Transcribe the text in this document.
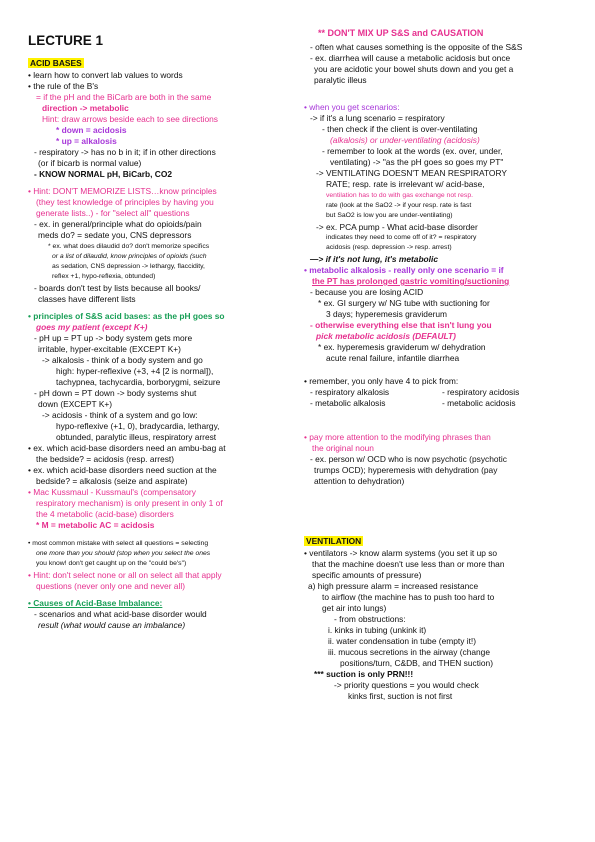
LECTURE 1
ACID BASES
• learn how to convert lab values to words
• the rule of the B's
= if the pH and the BiCarb are both in the same
direction -> metabolic
Hint: draw arrows beside each to see directions
* down = acidosis
* up = alkalosis
- respiratory -> has no b in it; if in other directions
(or if bicarb is normal value)
- KNOW NORMAL pH, BiCarb, CO2
• Hint: DON'T MEMORIZE LISTS…know principles
(they test knowledge of principles by having you
generate lists..) - for "select all" questions
- ex. in general/principle what do opioids/pain
meds do? = sedate you, CNS depressors
* ex. what does dilaudid do? don't memorize specifics
or a list of dilaudid, know principles of opioids (such
as sedation, CNS depression -> lethargy, flaccidity,
reflex +1, hypo-reflexia, obtunded)
- boards don't test by lists because all books/
classes have different lists
• principles of S&S acid bases: as the pH goes so
goes my patient (except K+)
- pH up = PT up -> body system gets more
irritable, hyper-excitable (EXCEPT K+)
-> alkalosis - think of a body system and go
high: hyper-reflexive (+3, +4 [2 is normal]),
tachypnea, tachycardia, borborygmi, seizure
- pH down = PT down -> body systems shut
down (EXCEPT K+)
-> acidosis - think of a system and go low:
hypo-reflexive (+1, 0), bradycardia, lethargy,
obtunded, paralytic illeus, respiratory arrest
• ex. which acid-base disorders need an ambu-bag at
the bedside? = acidosis (resp. arrest)
• ex. which acid-base disorders need suction at the
bedside? = alkalosis (seize and aspirate)
• Mac Kussmaul - Kussmaul's (compensatory
respiratory mechanism) is only present in only 1 of
the 4 metabolic (acid-base) disorders
* M = metabolic AC = acidosis
• most common mistake with select all questions = selecting
one more than you should (stop when you select the ones
you know! don't get caught up on the "could be's")
• Hint: don't select none or all on select all that apply
questions (never only one and never all)
• Causes of Acid-Base Imbalance:
- scenarios and what acid-base disorder would
result (what would cause an imbalance)
** DON'T MIX UP S&S and CAUSATION
- often what causes something is the opposite of the S&S
- ex. diarrhea will cause a metabolic acidosis but once
you are acidotic your bowel shuts down and you get a
paralytic illeus
• when you get scenarios:
-> if it's a lung scenario = respiratory
- then check if the client is over-ventilating
(alkalosis) or under-ventilating (acidosis)
- remember to look at the words (ex. over, under,
ventilating) -> "as the pH goes so goes my PT"
-> VENTILATING DOESN'T MEAN RESPIRATORY
RATE; resp. rate is irrelevant w/ acid-base,
ventilation has to do with gas exchange not resp.
rate (look at the SaO2 -> if your resp. rate is fast
but SaO2 is low you are under-ventilating)
-> ex. PCA pump - What acid-base disorder
indicates they need to come off of it? = respiratory
acidosis (resp. depression -> resp. arrest)
—> if it's not lung, it's metabolic
• metabolic alkalosis - really only one scenario = if
the PT has prolonged gastric vomiting/suctioning
- because you are losing ACID
* ex. GI surgery w/ NG tube with suctioning for
3 days; hyperemesis graviderum
- otherwise everything else that isn't lung you
pick metabolic acidosis (DEFAULT)
* ex. hyperemesis graviderum w/ dehydration
acute renal failure, infantile diarrhea
• remember, you only have 4 to pick from:
- respiratory alkalosis	- respiratory acidosis
- metabolic alkalosis	- metabolic acidosis
• pay more attention to the modifying phrases than
the original noun
- ex. person w/ OCD who is now psychotic (psychotic
trumps OCD); hyperemesis with dehydration (pay
attention to dehydration)
VENTILATION
• ventilators -> know alarm systems (you set it up so
that the machine doesn't use less than or more than
specific amounts of pressure)
a) high pressure alarm = increased resistance
to airflow (the machine has to push too hard to
get air into lungs)
- from obstructions:
i. kinks in tubing (unkink it)
ii. water condensation in tube (empty it!)
iii. mucous secretions in the airway (change
positions/turn, C&DB, and THEN suction)
*** suction is only PRN!!!
-> priority questions = you would check
kinks first, suction is not first
